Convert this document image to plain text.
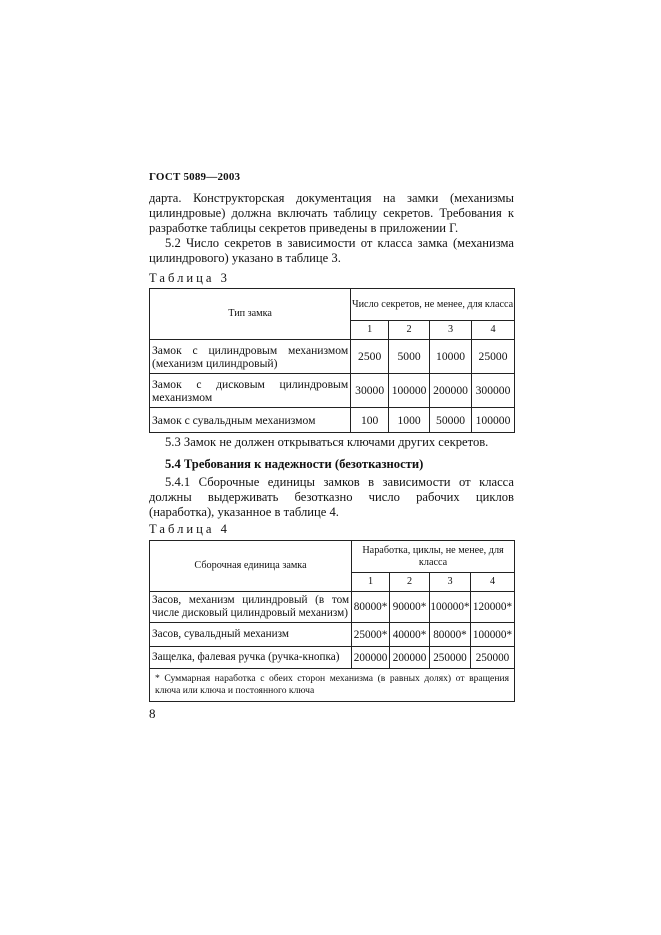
ГОСТ 5089—2003
дарта. Конструкторская документация на замки (механизмы цилиндровые) должна включать таблицу секретов. Требования к разработке таблицы секретов приведены в приложении Г.
5.2 Число секретов в зависимости от класса замка (механизма цилиндрового) указано в таблице 3.
Таблица 3
Тип замка	Число секретов, не менее, для класса			
	1	2	3	4
Замок с цилиндровым механизмом (механизм цилиндровый)	2500	5000	10000	25000
Замок с дисковым цилиндровым механизмом	30000	100000	200000	300000
Замок с сувальдным механизмом	100	1000	50000	100000
5.3 Замок не должен открываться ключами других секретов.
5.4 Требования к надежности (безотказности)
5.4.1 Сборочные единицы замков в зависимости от класса должны выдерживать безотказно число рабочих циклов (наработка), указанное в таблице 4.
Таблица 4
Сборочная единица замка	Наработка, циклы, не менее, для класса			
	1	2	3	4
Засов, механизм цилиндровый (в том числе дисковый цилиндровый механизм)	80000*	90000*	100000*	120000*
Засов, сувальдный механизм	25000*	40000*	80000*	100000*
Защелка, фалевая ручка (ручка-кнопка)	200000	200000	250000	250000
* Суммарная наработка с обеих сторон механизма (в равных долях) от вращения ключа или ключа и постоянного ключа				
8
